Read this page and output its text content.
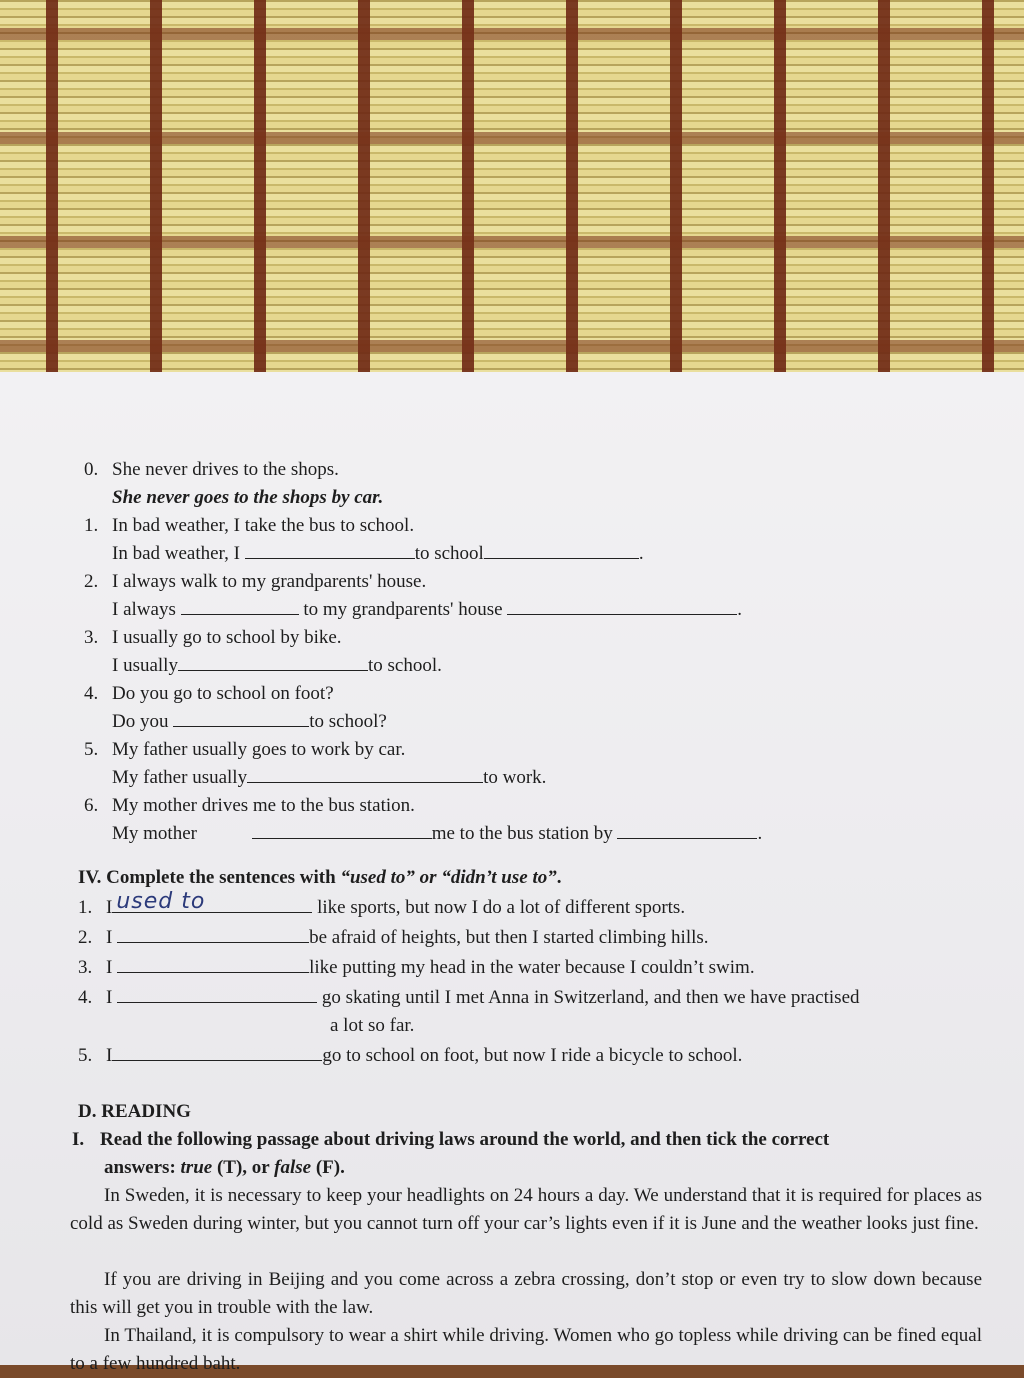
0. She never drives to the shops.
She never goes to the shops by car.
1. In bad weather, I take the bus to school.
In bad weather, I	to school	.
2. I always walk to my grandparents' house.
I always	to my grandparents' house	.
3. I usually go to school by bike.
I usually	to school.
4. Do you go to school on foot?
Do you	to school?
5. My father usually goes to work by car.
My father usually	to work.
6. My mother drives me to the bus station.
My mother	me to the bus station by	.
IV. Complete the sentences with “used to” or “didn’t use to”.
1. I used to	like sports, but now I do a lot of different sports.
2. I	be afraid of heights, but then I started climbing hills.
3. I	like putting my head in the water because I couldn’t swim.
4. I	go skating until I met Anna in Switzerland, and then we have practised
a lot so far.
5. I	go to school on foot, but now I ride a bicycle to school.
D. READING
I. Read the following passage about driving laws around the world, and then tick the correct
answers: true (T), or false (F).
In Sweden, it is necessary to keep your headlights on 24 hours a day. We understand that it is required for places as cold as Sweden during winter, but you cannot turn off your car’s lights even if it is June and the weather looks just fine.
If you are driving in Beijing and you come across a zebra crossing, don’t stop or even try to slow down because this will get you in trouble with the law.
In Thailand, it is compulsory to wear a shirt while driving. Women who go topless while driving can be fined equal to a few hundred baht.
